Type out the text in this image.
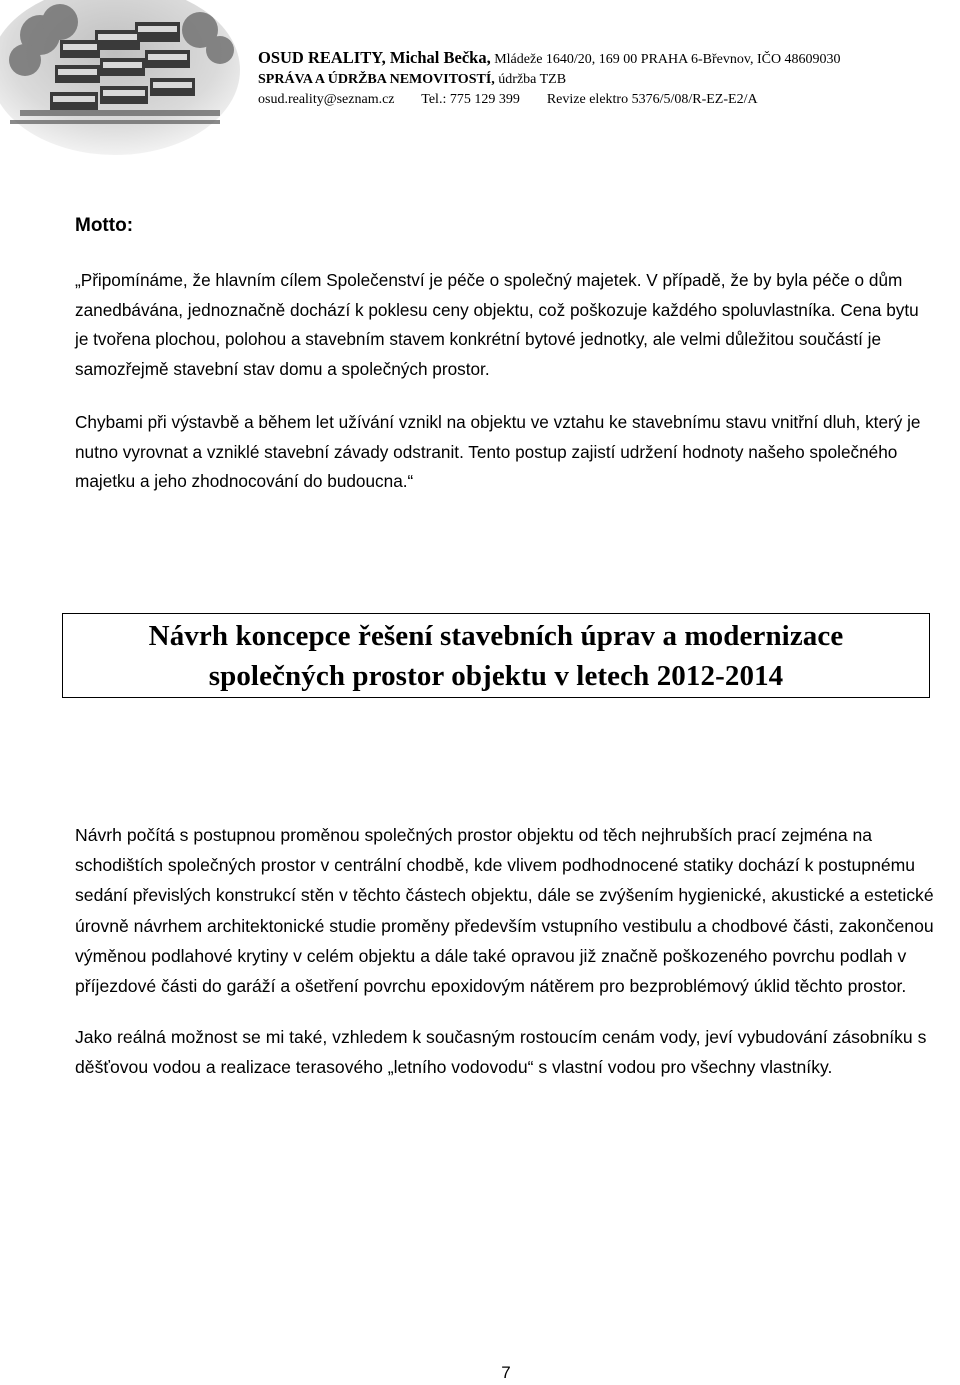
OSUD REALITY, Michal Bečka, Mládeže 1640/20, 169 00 PRAHA 6-Břevnov, IČO 48609030
SPRÁVA A ÚDRŽBA NEMOVITOSTÍ, údržba TZB
osud.reality@seznam.cz Tel.: 775 129 399 Revize elektro 5376/5/08/R-EZ-E2/A
Motto:

„Připomínáme, že hlavním cílem Společenství je péče o společný majetek. V případě, že by byla péče o dům zanedbávána, jednoznačně dochází k poklesu ceny objektu, což poškozuje každého spoluvlastníka. Cena bytu je tvořena plochou, polohou a stavebním stavem konkrétní bytové jednotky, ale velmi důležitou součástí je samozřejmě stavební stav domu a společných prostor.

Chybami při výstavbě a během let užívání vznikl na objektu ve vztahu ke stavebnímu stavu vnitřní dluh, který je nutno vyrovnat a vzniklé stavební závady odstranit. Tento postup zajistí udržení hodnoty našeho společného majetku a jeho zhodnocování do budoucna.“

Návrh koncepce řešení stavebních úprav a modernizace
společných prostor objektu v letech 2012-2014

Návrh počítá s postupnou proměnou společných prostor objektu od těch nejhrubších prací zejména na schodištích společných prostor v centrální chodbě, kde vlivem podhodnocené statiky dochází k postupnému sedání převislých konstrukcí stěn v těchto částech objektu, dále se zvýšením hygienické, akustické a estetické úrovně návrhem architektonické studie proměny především vstupního vestibulu a chodbové části, zakončenou výměnou podlahové krytiny v celém objektu a dále také opravou již značně poškozeného povrchu podlah v příjezdové části do garáží a ošetření povrchu epoxidovým nátěrem pro bezproblémový úklid těchto prostor.

Jako reálná možnost se mi také, vzhledem k současným rostoucím cenám vody, jeví vybudování zásobníku s děšťovou vodou a realizace terasového „letního vodovodu“ s vlastní vodou pro všechny vlastníky.

7
